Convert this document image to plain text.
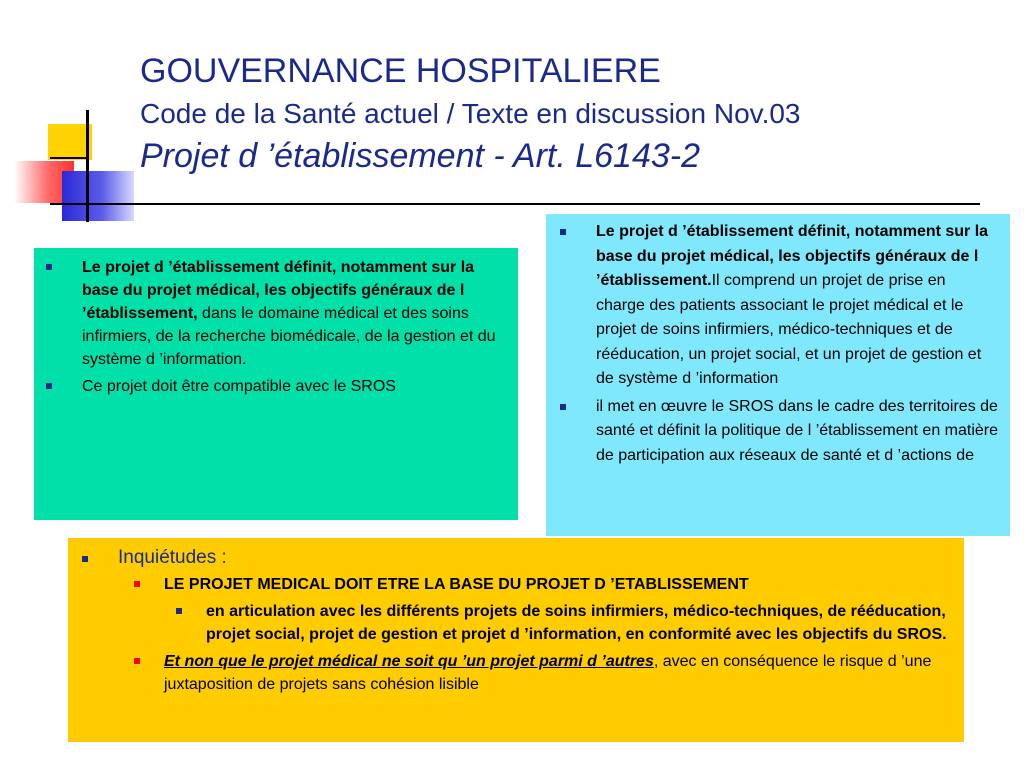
GOUVERNANCE HOSPITALIERE
Code de la Santé actuel / Texte en discussion Nov.03
Projet d ’établissement - Art. L6143-2
Le projet d ’établissement définit, notamment sur la base du projet médical, les objectifs généraux de l ’établissement, dans le domaine médical et des soins infirmiers, de la recherche biomédicale, de la gestion et du système d ’information.
Ce projet doit être compatible avec le SROS
Le projet d ’établissement définit, notamment sur la base du projet médical, les objectifs généraux de l ’établissement.Il comprend un projet de prise en charge des patients associant le projet médical et le projet de soins infirmiers, médico-techniques et de rééducation, un projet social, et un projet de gestion et de système d ’information
il met en œuvre le SROS dans le cadre des territoires de santé et définit la politique de l ’établissement en matière de participation aux réseaux de santé et d ’actions de
Inquiétudes :
LE PROJET MEDICAL DOIT ETRE LA BASE DU PROJET D ’ETABLISSEMENT
en articulation avec les différents projets de soins infirmiers, médico-techniques, de rééducation, projet social, projet de gestion et projet d ’information, en conformité avec les objectifs du SROS.
Et non que le projet médical ne soit qu ’un projet parmi d ’autres, avec en conséquence le risque d ’une juxtaposition de projets sans cohésion lisible
